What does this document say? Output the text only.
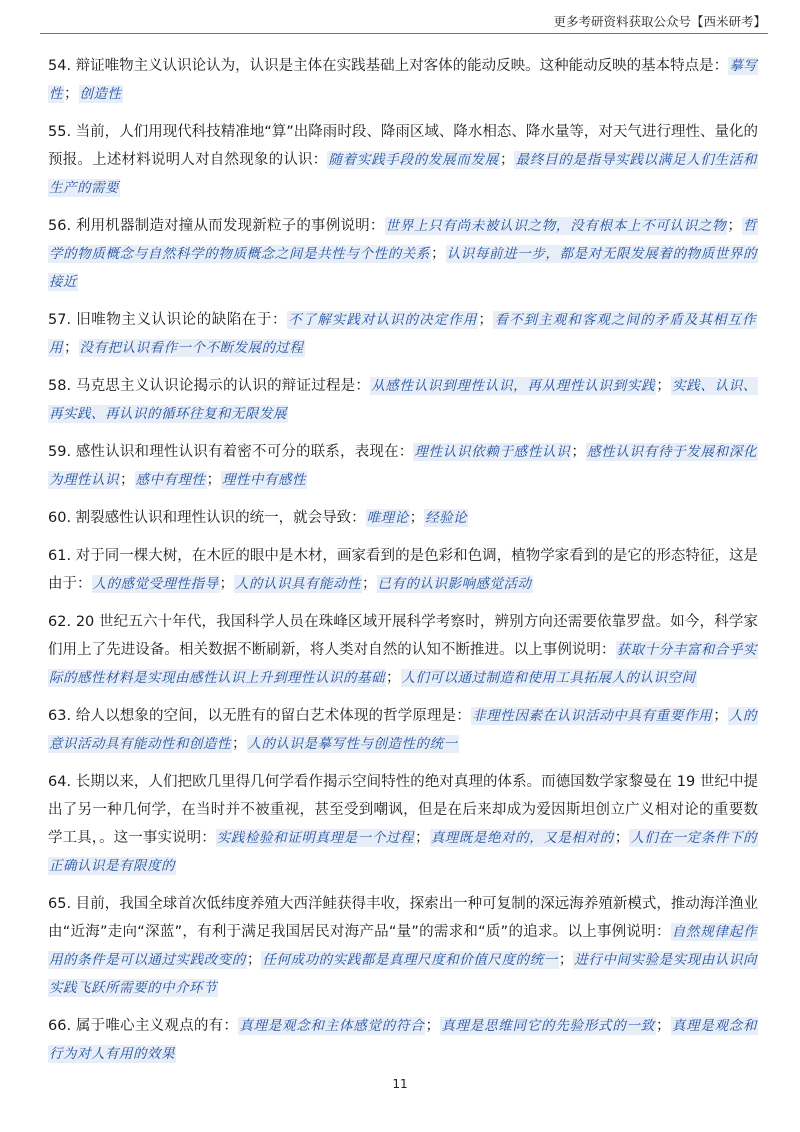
更多考研资料获取公众号【西米研考】

54. 辩证唯物主义认识论认为，认识是主体在实践基础上对客体的能动反映。这种能动反映的基本特点是：摹写性；创造性

55. 当前，人们用现代科技精准地“算”出降雨时段、降雨区域、降水相态、降水量等，对天气进行理性、量化的预报。上述材料说明人对自然现象的认识：随着实践手段的发展而发展；最终目的是指导实践以满足人们生活和生产的需要

56. 利用机器制造对撞从而发现新粒子的事例说明：世界上只有尚未被认识之物，没有根本上不可认识之物；哲学的物质概念与自然科学的物质概念之间是共性与个性的关系；认识每前进一步，都是对无限发展着的物质世界的接近

57. 旧唯物主义认识论的缺陷在于：不了解实践对认识的决定作用；看不到主观和客观之间的矛盾及其相互作用；没有把认识看作一个不断发展的过程

58. 马克思主义认识论揭示的认识的辩证过程是：从感性认识到理性认识，再从理性认识到实践；实践、认识、再实践、再认识的循环往复和无限发展

59. 感性认识和理性认识有着密不可分的联系，表现在：理性认识依赖于感性认识；感性认识有待于发展和深化为理性认识；感中有理性；理性中有感性

60. 割裂感性认识和理性认识的统一，就会导致：唯理论；经验论

61. 对于同一棵大树，在木匠的眼中是木材，画家看到的是色彩和色调，植物学家看到的是它的形态特征，这是由于：人的感觉受理性指导；人的认识具有能动性；已有的认识影响感觉活动

62. 20 世纪五六十年代，我国科学人员在珠峰区域开展科学考察时，辨别方向还需要依靠罗盘。如今，科学家们用上了先进设备。相关数据不断刷新，将人类对自然的认知不断推进。以上事例说明：获取十分丰富和合乎实际的感性材料是实现由感性认识上升到理性认识的基础；人们可以通过制造和使用工具拓展人的认识空间

63. 给人以想象的空间，以无胜有的留白艺术体现的哲学原理是：非理性因素在认识活动中具有重要作用；人的意识活动具有能动性和创造性；人的认识是摹写性与创造性的统一

64. 长期以来，人们把欧几里得几何学看作揭示空间特性的绝对真理的体系。而德国数学家黎曼在 19 世纪中提出了另一种几何学，在当时并不被重视，甚至受到嘲讽，但是在后来却成为爱因斯坦创立广义相对论的重要数学工具，。这一事实说明：实践检验和证明真理是一个过程；真理既是绝对的，又是相对的；人们在一定条件下的正确认识是有限度的

65. 目前，我国全球首次低纬度养殖大西洋鲑获得丰收，探索出一种可复制的深远海养殖新模式，推动海洋渔业由“近海”走向“深蓝”，有利于满足我国居民对海产品“量”的需求和“质”的追求。以上事例说明：自然规律起作用的条件是可以通过实践改变的；任何成功的实践都是真理尺度和价值尺度的统一；进行中间实验是实现由认识向实践飞跃所需要的中介环节

66. 属于唯心主义观点的有：真理是观念和主体感觉的符合；真理是思维同它的先验形式的一致；真理是观念和行为对人有用的效果

11
